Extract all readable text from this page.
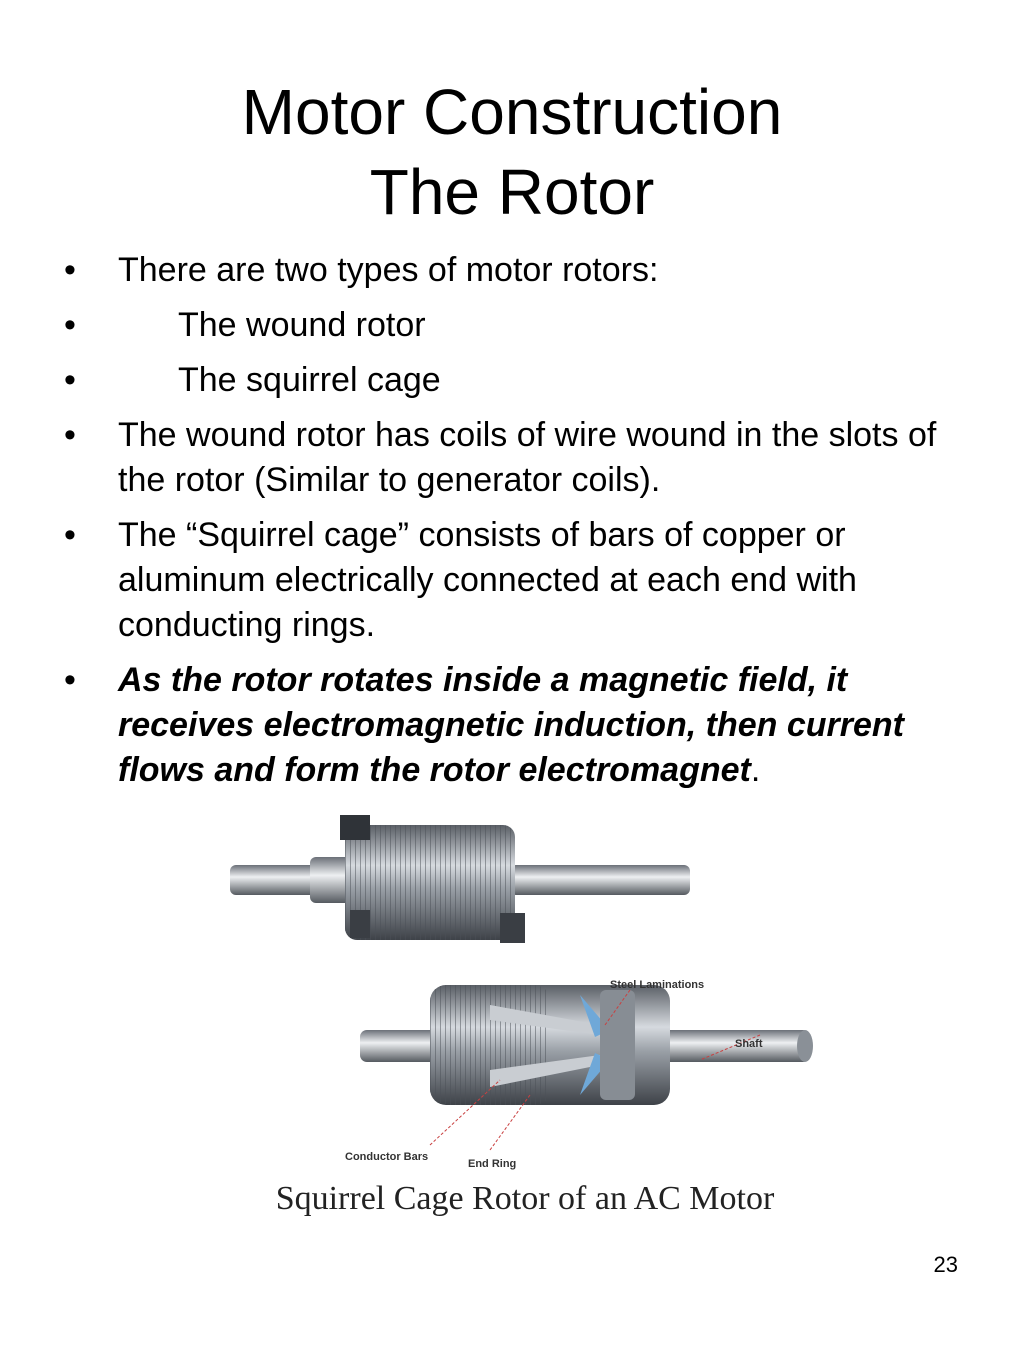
Motor Construction
The Rotor
•	There are two types of motor rotors:
•	The wound rotor
•	The squirrel cage
•	The wound rotor has coils of wire wound in the slots of the rotor (Similar to generator coils).
•	The “Squirrel cage” consists of bars of copper or aluminum electrically connected at each end with conducting rings.
•	As the rotor rotates inside a magnetic field, it receives electromagnetic induction, then current flows and form the rotor electromagnet.
Steel Laminations
Shaft
Conductor Bars
End Ring
Squirrel Cage Rotor of an AC Motor
23
